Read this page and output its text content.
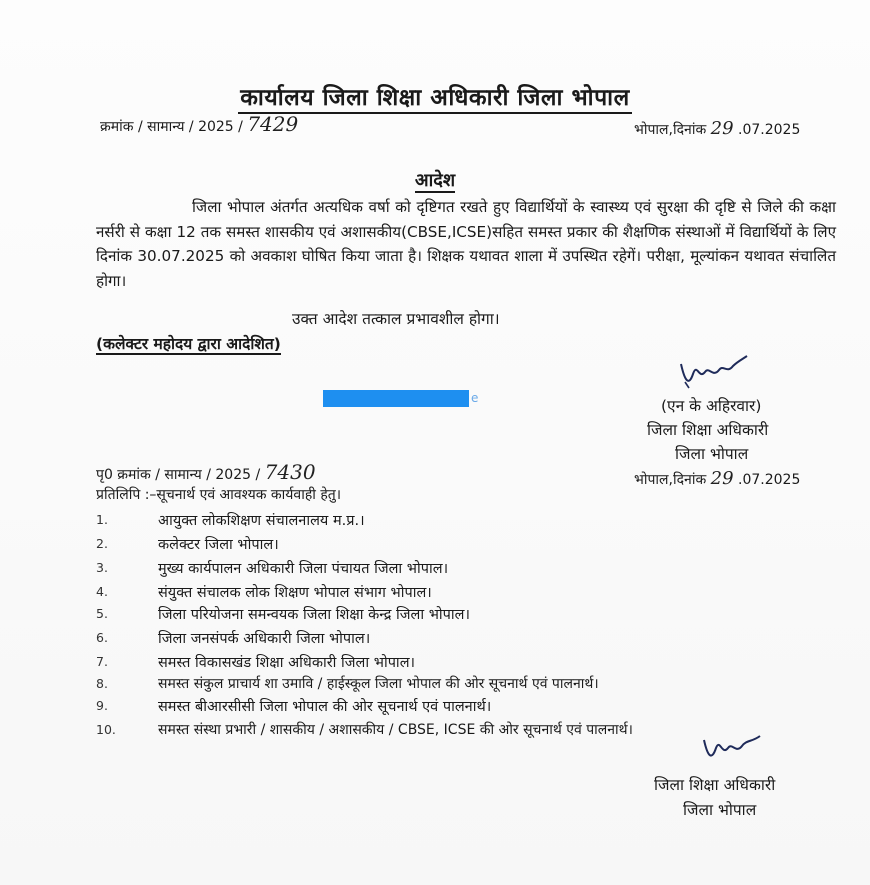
कार्यालय जिला शिक्षा अधिकारी जिला भोपाल
क्रमांक / सामान्य / 2025 / 7429	भोपाल,दिनांक 29 .07.2025
आदेश
जिला भोपाल अंतर्गत अत्यधिक वर्षा को दृष्टिगत रखते हुए विद्यार्थियों के स्वास्थ्य एवं सुरक्षा की दृष्टि से जिले की कक्षा नर्सरी से कक्षा 12 तक समस्त शासकीय एवं अशासकीय(CBSE,ICSE)सहित समस्त प्रकार की शैक्षणिक संस्थाओं में विद्यार्थियों के लिए दिनांक 30.07.2025 को अवकाश घोषित किया जाता है। शिक्षक यथावत शाला में उपस्थित रहेगें। परीक्षा, मूल्यांकन यथावत संचालित होगा।
उक्त आदेश तत्काल प्रभावशील होगा।
(कलेक्टर महोदय द्वारा आदेशित)
e	(एन के अहिरवार)
जिला शिक्षा अधिकारी
जिला भोपाल
पृ0 क्रमांक / सामान्य / 2025 / 7430	भोपाल,दिनांक 29 .07.2025
प्रतिलिपि :–सूचनार्थ एवं आवश्यक कार्यवाही हेतु।
1.	आयुक्त लोकशिक्षण संचालनालय म.प्र.।
2.	कलेक्टर जिला भोपाल।
3.	मुख्य कार्यपालन अधिकारी जिला पंचायत जिला भोपाल।
4.	संयुक्त संचालक लोक शिक्षण भोपाल संभाग भोपाल।
5.	जिला परियोजना समन्वयक जिला शिक्षा केन्द्र जिला भोपाल।
6.	जिला जनसंपर्क अधिकारी जिला भोपाल।
7.	समस्त विकासखंड शिक्षा अधिकारी जिला भोपाल।
8.	समस्त संकुल प्राचार्य शा उमावि / हाईस्कूल जिला भोपाल की ओर सूचनार्थ एवं पालनार्थ।
9.	समस्त बीआरसीसी जिला भोपाल की ओर सूचनार्थ एवं पालनार्थ।
10.	समस्त संस्था प्रभारी / शासकीय / अशासकीय / CBSE, ICSE की ओर सूचनार्थ एवं पालनार्थ।
जिला शिक्षा अधिकारी
जिला भोपाल
